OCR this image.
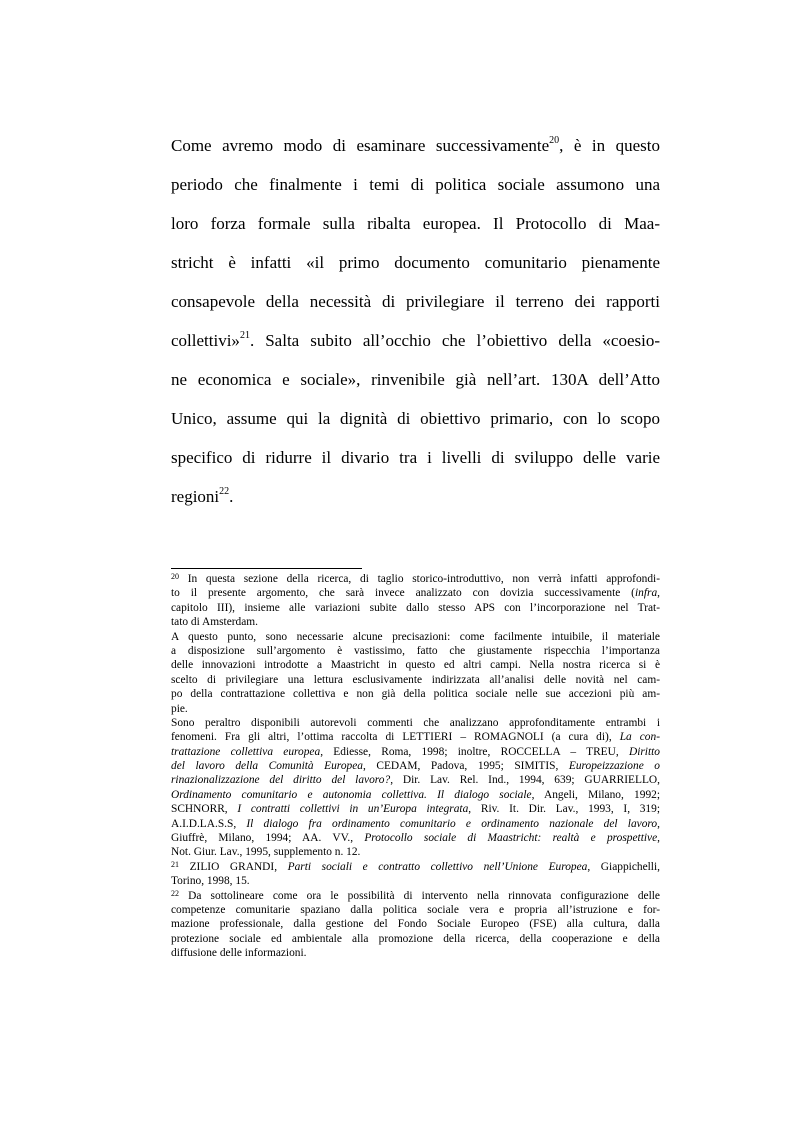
Come avremo modo di esaminare successivamente$^{20}$, è in questo
periodo che finalmente i temi di politica sociale assumono una
loro forza formale sulla ribalta europea. Il Protocollo di Maa-
stricht è infatti «il primo documento comunitario pienamente
consapevole della necessità di privilegiare il terreno dei rapporti
collettivi»$^{21}$. Salta subito all’occhio che l’obiettivo della «coesio-
ne economica e sociale», rinvenibile già nell’art. 130A dell’Atto
Unico, assume qui la dignità di obiettivo primario, con lo scopo
specifico di ridurre il divario tra i livelli di sviluppo delle varie
regioni$^{22}$.
$^{20}$ In questa sezione della ricerca, di taglio storico-introduttivo, non verrà infatti approfondi-
to il presente argomento, che sarà invece analizzato con dovizia successivamente (infra,
capitolo III), insieme alle variazioni subite dallo stesso APS con l’incorporazione nel Trat-
tato di Amsterdam.
A questo punto, sono necessarie alcune precisazioni: come facilmente intuibile, il materiale
a disposizione sull’argomento è vastissimo, fatto che giustamente rispecchia l’importanza
delle innovazioni introdotte a Maastricht in questo ed altri campi. Nella nostra ricerca si è
scelto di privilegiare una lettura esclusivamente indirizzata all’analisi delle novità nel cam-
po della contrattazione collettiva e non già della politica sociale nelle sue accezioni più am-
pie.
Sono peraltro disponibili autorevoli commenti che analizzano approfonditamente entrambi i
fenomeni. Fra gli altri, l’ottima raccolta di LETTIERI – ROMAGNOLI (a cura di), La con-
trattazione collettiva europea, Ediesse, Roma, 1998; inoltre, ROCCELLA – TREU, Diritto
del lavoro della Comunità Europea, CEDAM, Padova, 1995; SIMITIS, Europeizzazione o
rinazionalizzazione del diritto del lavoro?, Dir. Lav. Rel. Ind., 1994, 639; GUARRIELLO,
Ordinamento comunitario e autonomia collettiva. Il dialogo sociale, Angeli, Milano, 1992;
SCHNORR, I contratti collettivi in un’Europa integrata, Riv. It. Dir. Lav., 1993, I, 319;
A.I.D.LA.S.S, Il dialogo fra ordinamento comunitario e ordinamento nazionale del lavoro,
Giuffrè, Milano, 1994; AA. VV., Protocollo sociale di Maastricht: realtà e prospettive,
Not. Giur. Lav., 1995, supplemento n. 12.
$^{21}$ ZILIO GRANDI, Parti sociali e contratto collettivo nell’Unione Europea, Giappichelli,
Torino, 1998, 15.
$^{22}$ Da sottolineare come ora le possibilità di intervento nella rinnovata configurazione delle
competenze comunitarie spaziano dalla politica sociale vera e propria all’istruzione e for-
mazione professionale, dalla gestione del Fondo Sociale Europeo (FSE) alla cultura, dalla
protezione sociale ed ambientale alla promozione della ricerca, della cooperazione e della
diffusione delle informazioni.
